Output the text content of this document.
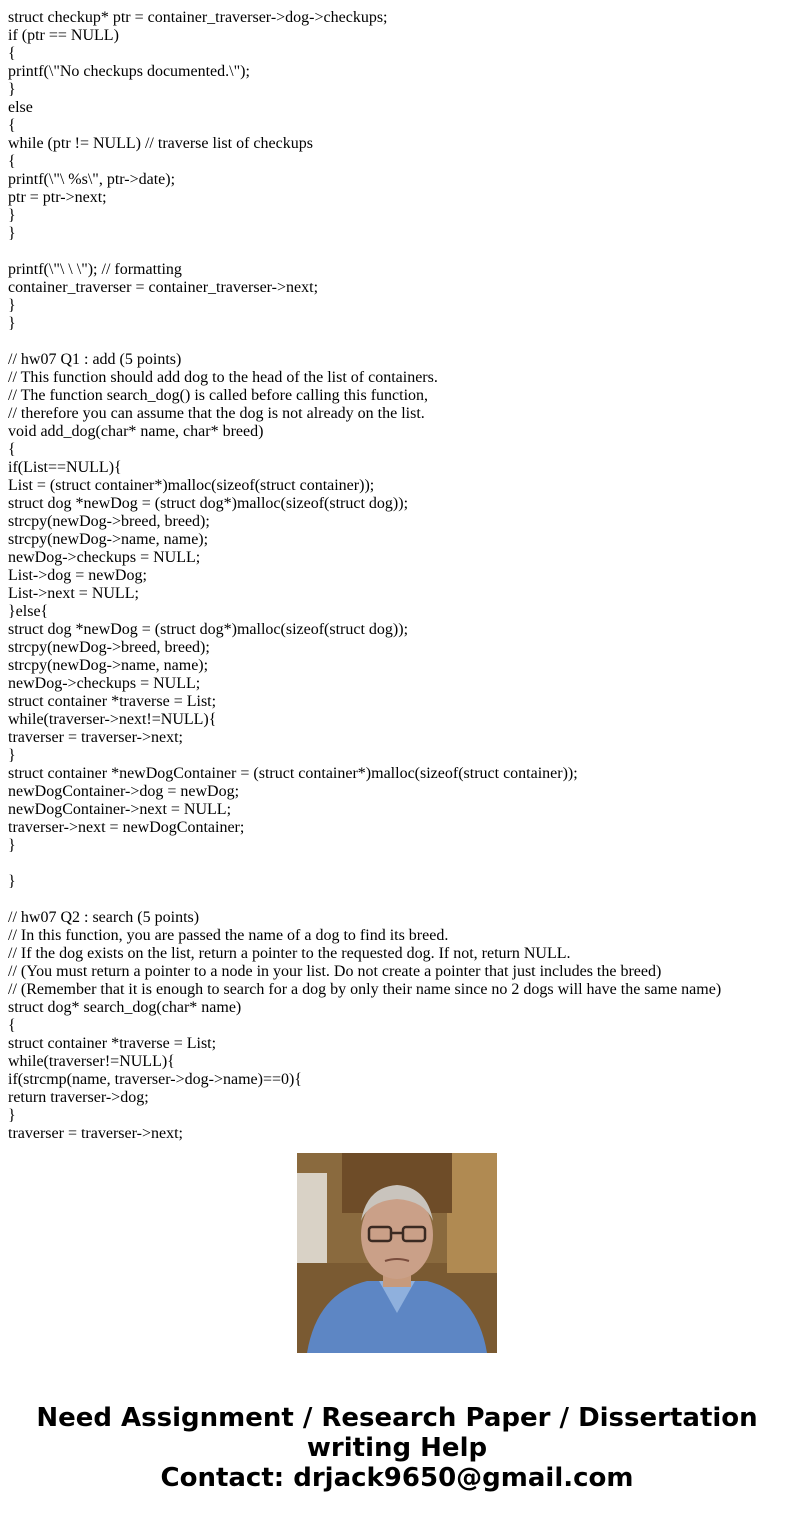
struct checkup* ptr = container_traverser->dog->checkups;
if (ptr == NULL)
{
printf(\"No checkups documented.\");
}
else
{
while (ptr != NULL) // traverse list of checkups
{
printf(\"\ %s\", ptr->date);
ptr = ptr->next;
}
}
printf(\"\ \ \"); // formatting
container_traverser = container_traverser->next;
}
}
// hw07 Q1 : add (5 points)
// This function should add dog to the head of the list of containers.
// The function search_dog() is called before calling this function,
// therefore you can assume that the dog is not already on the list.
void add_dog(char* name, char* breed)
{
if(List==NULL){
List = (struct container*)malloc(sizeof(struct container));
struct dog *newDog = (struct dog*)malloc(sizeof(struct dog));
strcpy(newDog->breed, breed);
strcpy(newDog->name, name);
newDog->checkups = NULL;
List->dog = newDog;
List->next = NULL;
}else{
struct dog *newDog = (struct dog*)malloc(sizeof(struct dog));
strcpy(newDog->breed, breed);
strcpy(newDog->name, name);
newDog->checkups = NULL;
struct container *traverse = List;
while(traverser->next!=NULL){
traverser = traverser->next;
}
struct container *newDogContainer = (struct container*)malloc(sizeof(struct container));
newDogContainer->dog = newDog;
newDogContainer->next = NULL;
traverser->next = newDogContainer;
}
}
// hw07 Q2 : search (5 points)
// In this function, you are passed the name of a dog to find its breed.
// If the dog exists on the list, return a pointer to the requested dog. If not, return NULL.
// (You must return a pointer to a node in your list. Do not create a pointer that just includes the breed)
// (Remember that it is enough to search for a dog by only their name since no 2 dogs will have the same name)
struct dog* search_dog(char* name)
{
struct container *traverse = List;
while(traverser!=NULL){
if(strcmp(name, traverser->dog->name)==0){
return traverser->dog;
}
traverser = traverser->next;
Need Assignment / Research Paper / Dissertation
writing Help
Contact: drjack9650@gmail.com
